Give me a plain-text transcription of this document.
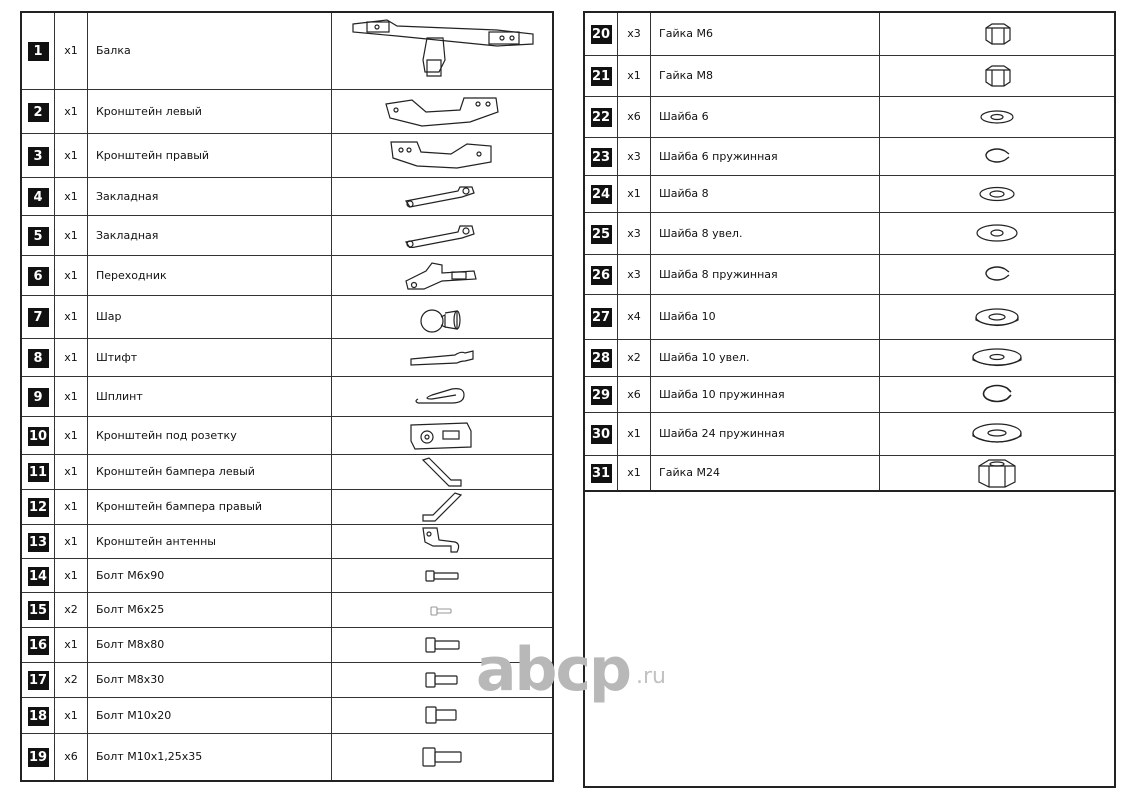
1	x1	Балка	
2	x1	Кронштейн левый	
3	x1	Кронштейн правый	
4	x1	Закладная	
5	x1	Закладная	
6	x1	Переходник	
7	x1	Шар	
8	x1	Штифт	
9	x1	Шплинт	
10	x1	Кронштейн под розетку	
11	x1	Кронштейн бампера левый	
12	x1	Кронштейн бампера правый	
13	x1	Кронштейн антенны	
14	x1	Болт М6х90	
15	x2	Болт М6х25	
16	x1	Болт М8х80	
17	x2	Болт М8х30	
18	x1	Болт М10х20	
19	x6	Болт М10х1,25х35	
20	x3	Гайка М6	
21	x1	Гайка М8	
22	x6	Шайба 6	
23	x3	Шайба 6 пружинная	
24	x1	Шайба 8	
25	x3	Шайба 8 увел.	
26	x3	Шайба 8 пружинная	
27	x4	Шайба 10	
28	x2	Шайба 10 увел.	
29	x6	Шайба 10 пружинная	
30	x1	Шайба 24 пружинная	
31	x1	Гайка М24	
abcp .ru
